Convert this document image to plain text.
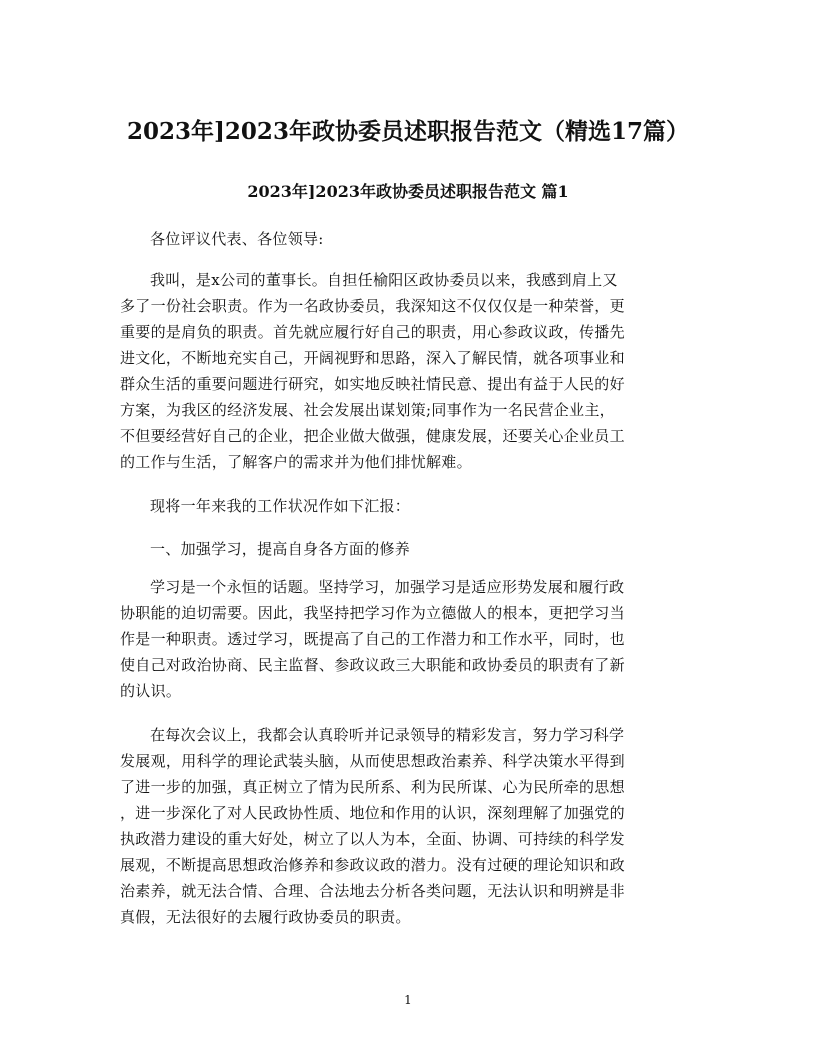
2023年]2023年政协委员述职报告范文（精选17篇）
2023年]2023年政协委员述职报告范文 篇1

各位评议代表、各位领导:

我叫，是x公司的董事长。自担任榆阳区政协委员以来，我感到肩上又
多了一份社会职责。作为一名政协委员，我深知这不仅仅仅是一种荣誉，更
重要的是肩负的职责。首先就应履行好自己的职责，用心参政议政，传播先
进文化，不断地充实自己，开阔视野和思路，深入了解民情，就各项事业和
群众生活的重要问题进行研究，如实地反映社情民意、提出有益于人民的好
方案，为我区的经济发展、社会发展出谋划策;同事作为一名民营企业主，
不但要经营好自己的企业，把企业做大做强，健康发展，还要关心企业员工
的工作与生活，了解客户的需求并为他们排忧解难。

现将一年来我的工作状况作如下汇报：

一、加强学习，提高自身各方面的修养

学习是一个永恒的话题。坚持学习，加强学习是适应形势发展和履行政
协职能的迫切需要。因此，我坚持把学习作为立德做人的根本，更把学习当
作是一种职责。透过学习，既提高了自己的工作潜力和工作水平，同时，也
使自己对政治协商、民主监督、参政议政三大职能和政协委员的职责有了新
的认识。

在每次会议上，我都会认真聆听并记录领导的精彩发言，努力学习科学
发展观，用科学的理论武装头脑，从而使思想政治素养、科学决策水平得到
了进一步的加强，真正树立了情为民所系、利为民所谋、心为民所牵的思想
，进一步深化了对人民政协性质、地位和作用的认识，深刻理解了加强党的
执政潜力建设的重大好处，树立了以人为本，全面、协调、可持续的科学发
展观，不断提高思想政治修养和参政议政的潜力。没有过硬的理论知识和政
治素养，就无法合情、合理、合法地去分析各类问题，无法认识和明辨是非
真假，无法很好的去履行政协委员的职责。

1
